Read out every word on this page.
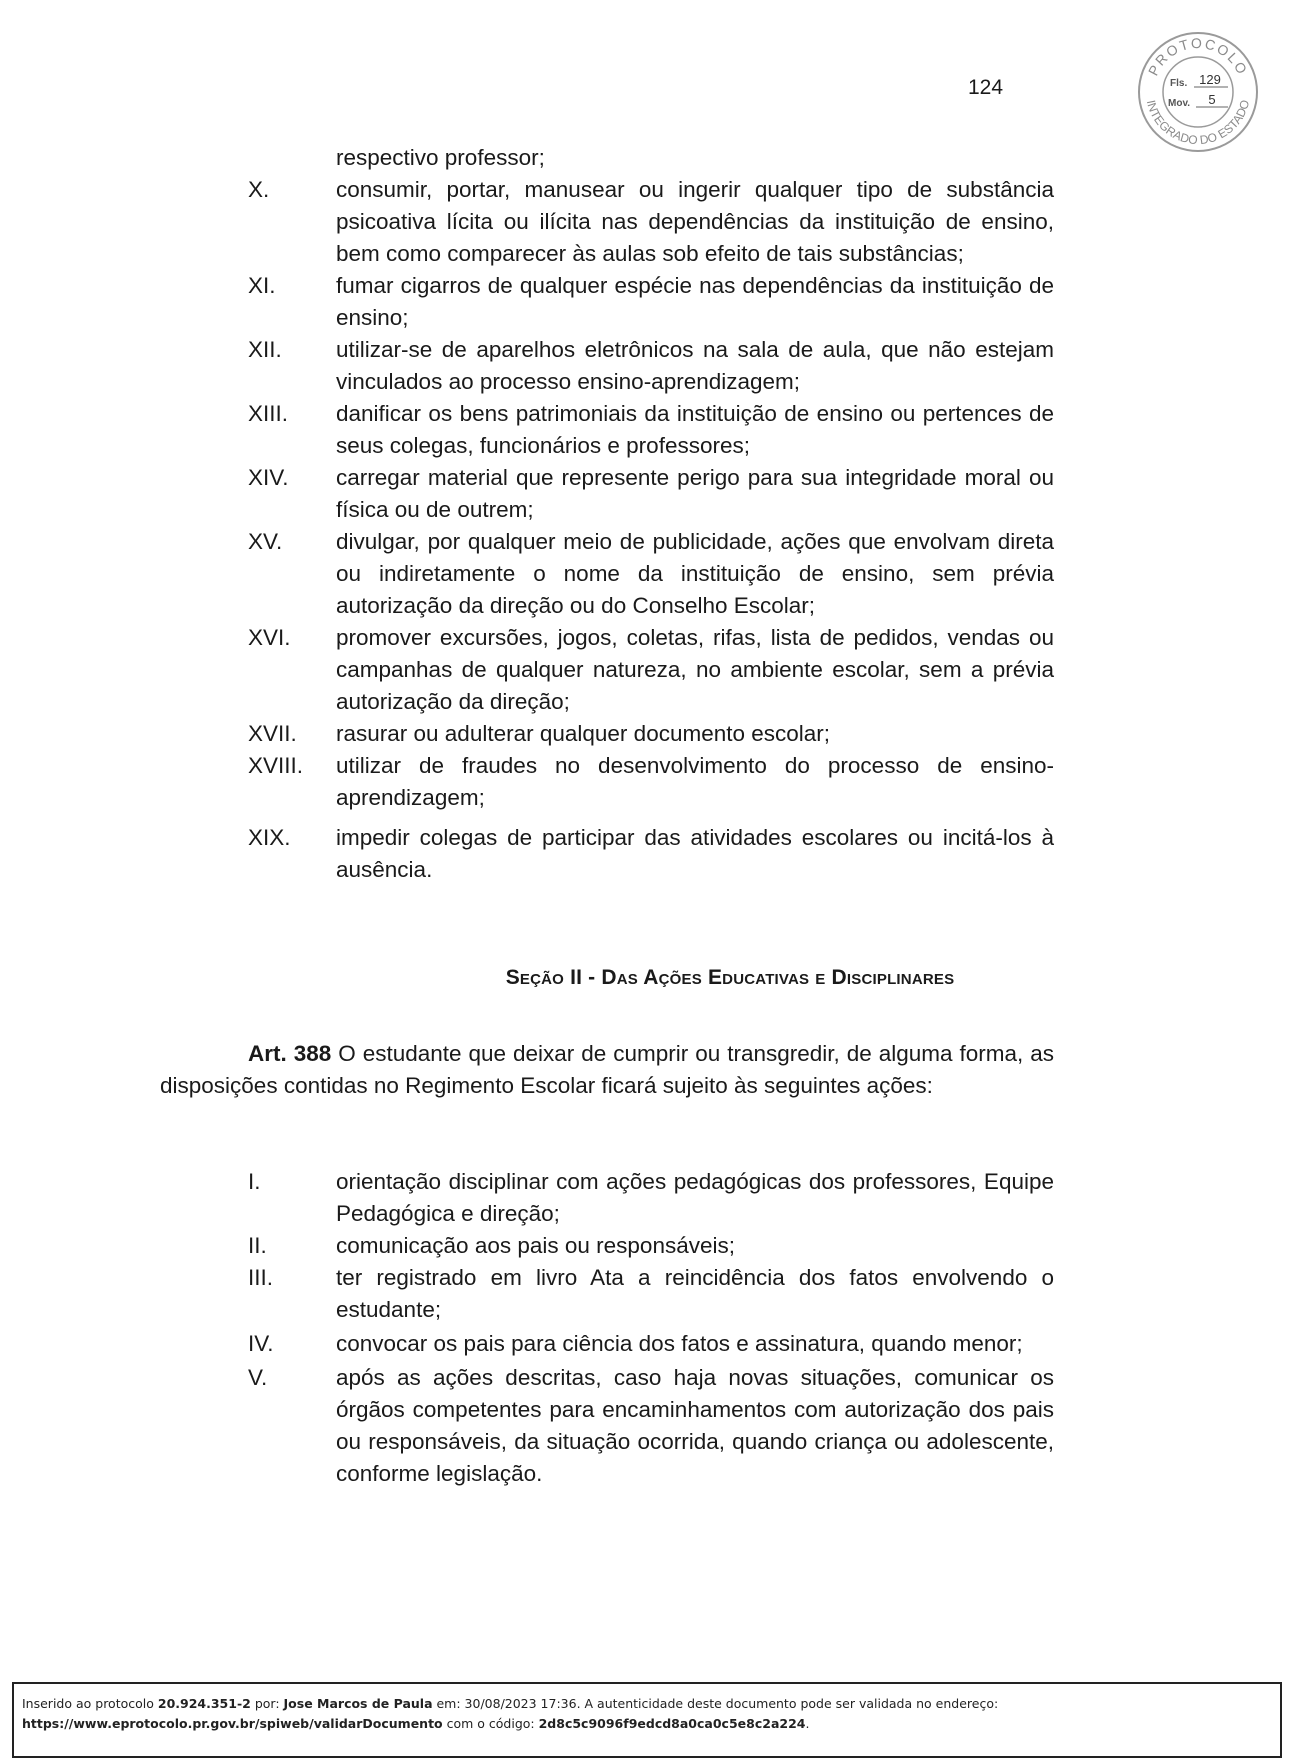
124
PROTOCOLO
INTEGRADO DO ESTADO
Fls. 129
Mov. 5
respectivo professor;
X.	consumir, portar, manusear ou ingerir qualquer tipo de substância psicoativa lícita ou ilícita nas dependências da instituição de ensino, bem como comparecer às aulas sob efeito de tais substâncias;
XI.	fumar cigarros de qualquer espécie nas dependências da instituição de ensino;
XII. utilizar-se de aparelhos eletrônicos na sala de aula, que não estejam vinculados ao processo ensino-aprendizagem;
XIII. danificar os bens patrimoniais da instituição de ensino ou pertences de seus colegas, funcionários e professores;
XIV. carregar material que represente perigo para sua integridade moral ou física ou de outrem;
XV. divulgar, por qualquer meio de publicidade, ações que envolvam direta ou indiretamente o nome da instituição de ensino, sem prévia autorização da direção ou do Conselho Escolar;
XVI. promover excursões, jogos, coletas, rifas, lista de pedidos, vendas ou campanhas de qualquer natureza, no ambiente escolar, sem a prévia autorização da direção;
XVII. rasurar ou adulterar qualquer documento escolar;
XVIII. utilizar de fraudes no desenvolvimento do processo de ensino-aprendizagem;
XIX. impedir colegas de participar das atividades escolares ou incitá-los à ausência.
Seção II - Das Ações Educativas e Disciplinares
Art. 388 O estudante que deixar de cumprir ou transgredir, de alguma forma, as disposições contidas no Regimento Escolar ficará sujeito às seguintes ações:
I.	orientação disciplinar com ações pedagógicas dos professores, Equipe Pedagógica e direção;
II.	comunicação aos pais ou responsáveis;
III.	ter registrado em livro Ata a reincidência dos fatos envolvendo o estudante;
IV.	convocar os pais para ciência dos fatos e assinatura, quando menor;
V.	após as ações descritas, caso haja novas situações, comunicar os órgãos competentes para encaminhamentos com autorização dos pais ou responsáveis, da situação ocorrida, quando criança ou adolescente, conforme legislação.
Inserido ao protocolo 20.924.351-2 por: Jose Marcos de Paula em: 30/08/2023 17:36. A autenticidade deste documento pode ser validada no endereço:
https://www.eprotocolo.pr.gov.br/spiweb/validarDocumento com o código: 2d8c5c9096f9edcd8a0ca0c5e8c2a224.
